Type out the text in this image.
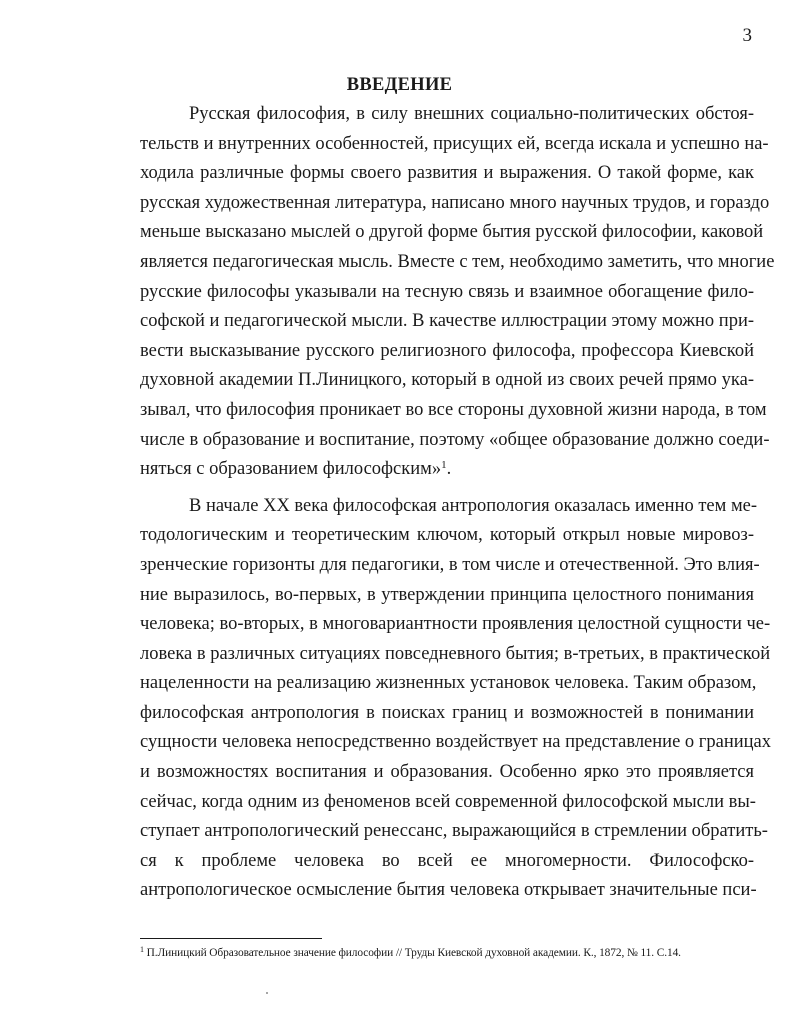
3
ВВЕДЕНИЕ
Русская философия, в силу внешних социально-политических обстоя-
тельств и внутренних особенностей, присущих ей, всегда искала и успешно на-
ходила различные формы своего развития и выражения. О такой форме, как
русская художественная литература, написано много научных трудов, и гораздо
меньше высказано мыслей о другой форме бытия русской философии, каковой
является педагогическая мысль. Вместе с тем, необходимо заметить, что многие
русские философы указывали на тесную связь и взаимное обогащение фило-
софской и педагогической мысли. В качестве иллюстрации этому можно при-
вести высказывание русского религиозного философа, профессора Киевской
духовной академии П.Линицкого, который в одной из своих речей прямо ука-
зывал, что философия проникает во все стороны духовной жизни народа, в том
числе в образование и воспитание, поэтому «общее образование должно соеди-
няться с образованием философским»$^1$.
В начале XX века философская антропология оказалась именно тем ме-
тодологическим и теоретическим ключом, который открыл новые мировоз-
зренческие горизонты для педагогики, в том числе и отечественной. Это влия-
ние выразилось, во-первых, в утверждении принципа целостного понимания
человека; во-вторых, в многовариантности проявления целостной сущности че-
ловека в различных ситуациях повседневного бытия; в-третьих, в практической
нацеленности на реализацию жизненных установок человека. Таким образом,
философская антропология в поисках границ и возможностей в понимании
сущности человека непосредственно воздействует на представление о границах
и возможностях воспитания и образования. Особенно ярко это проявляется
сейчас, когда одним из феноменов всей современной философской мысли вы-
ступает антропологический ренессанс, выражающийся в стремлении обратить-
ся к проблеме человека во всей ее многомерности. Философско-
антропологическое осмысление бытия человека открывает значительные пси-
$^1$ П.Линицкий Образовательное значение философии // Труды Киевской духовной академии. К., 1872, № 11. С.14.
